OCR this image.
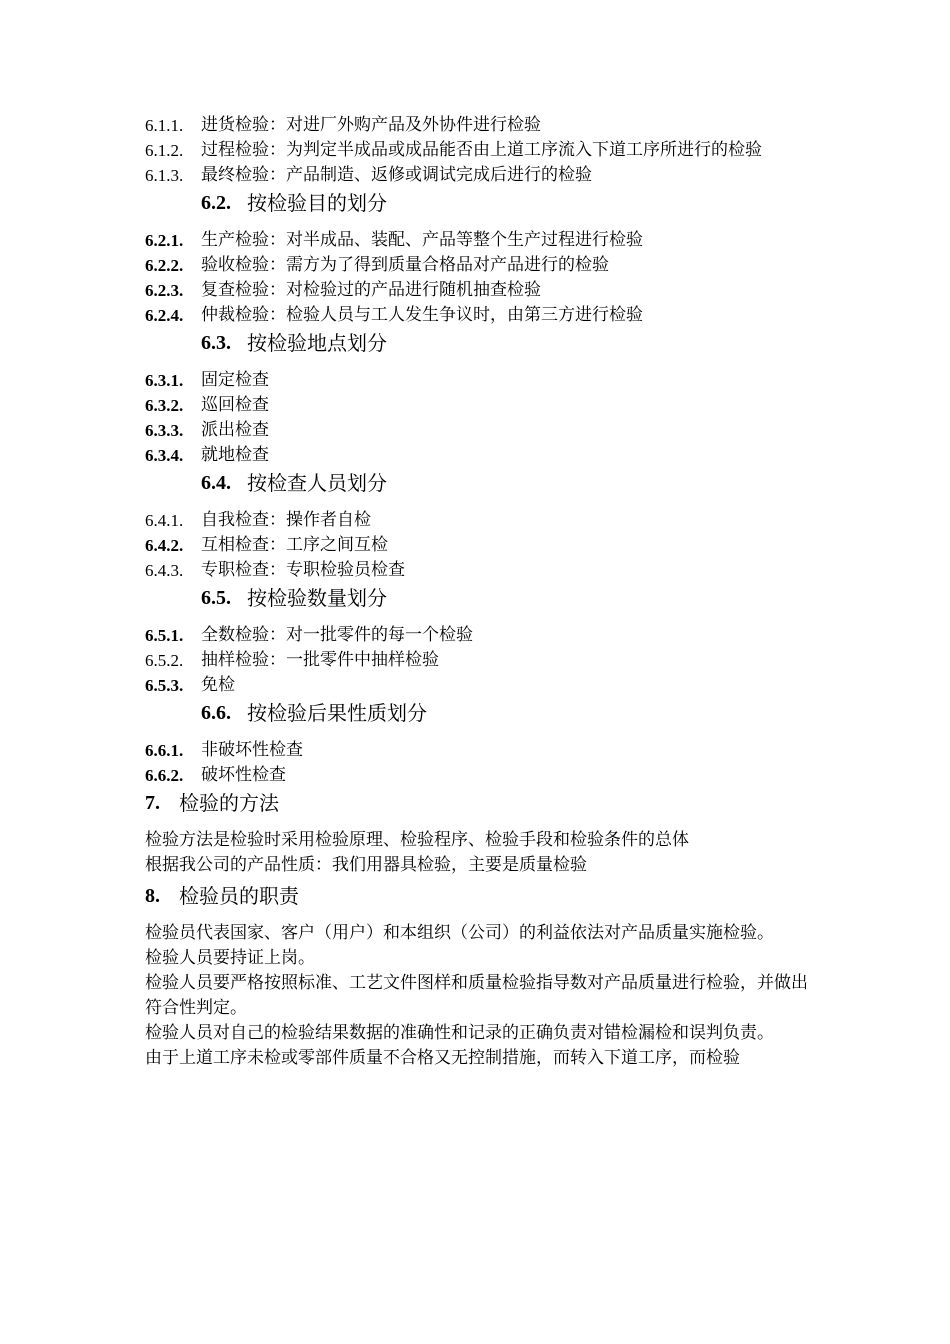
6.1.1.	进货检验：对进厂外购产品及外协件进行检验
6.1.2.	过程检验：为判定半成品或成品能否由上道工序流入下道工序所进行的检验
6.1.3.	最终检验：产品制造、返修或调试完成后进行的检验
6.2. 按检验目的划分
6.2.1.	生产检验：对半成品、装配、产品等整个生产过程进行检验
6.2.2.	验收检验：需方为了得到质量合格品对产品进行的检验
6.2.3.	复查检验：对检验过的产品进行随机抽查检验
6.2.4.	仲裁检验：检验人员与工人发生争议时，由第三方进行检验
6.3. 按检验地点划分
6.3.1.	固定检查
6.3.2.	巡回检查
6.3.3.	派出检查
6.3.4.	就地检查
6.4. 按检查人员划分
6.4.1.	自我检查：操作者自检
6.4.2.	互相检查：工序之间互检
6.4.3.	专职检查：专职检验员检查
6.5. 按检验数量划分
6.5.1.	全数检验：对一批零件的每一个检验
6.5.2.	抽样检验：一批零件中抽样检验
6.5.3.	免检
6.6. 按检验后果性质划分
6.6.1.	非破坏性检查
6.6.2.	破坏性检查
7. 检验的方法
检验方法是检验时采用检验原理、检验程序、检验手段和检验条件的总体
根据我公司的产品性质：我们用器具检验，主要是质量检验
8. 检验员的职责
检验员代表国家、客户（用户）和本组织（公司）的利益依法对产品质量实施检验。
检验人员要持证上岗。
检验人员要严格按照标准、工艺文件图样和质量检验指导数对产品质量进行检验，并做出符合性判定。
检验人员对自己的检验结果数据的准确性和记录的正确负责对错检漏检和误判负责。
由于上道工序未检或零部件质量不合格又无控制措施，而转入下道工序，而检验
